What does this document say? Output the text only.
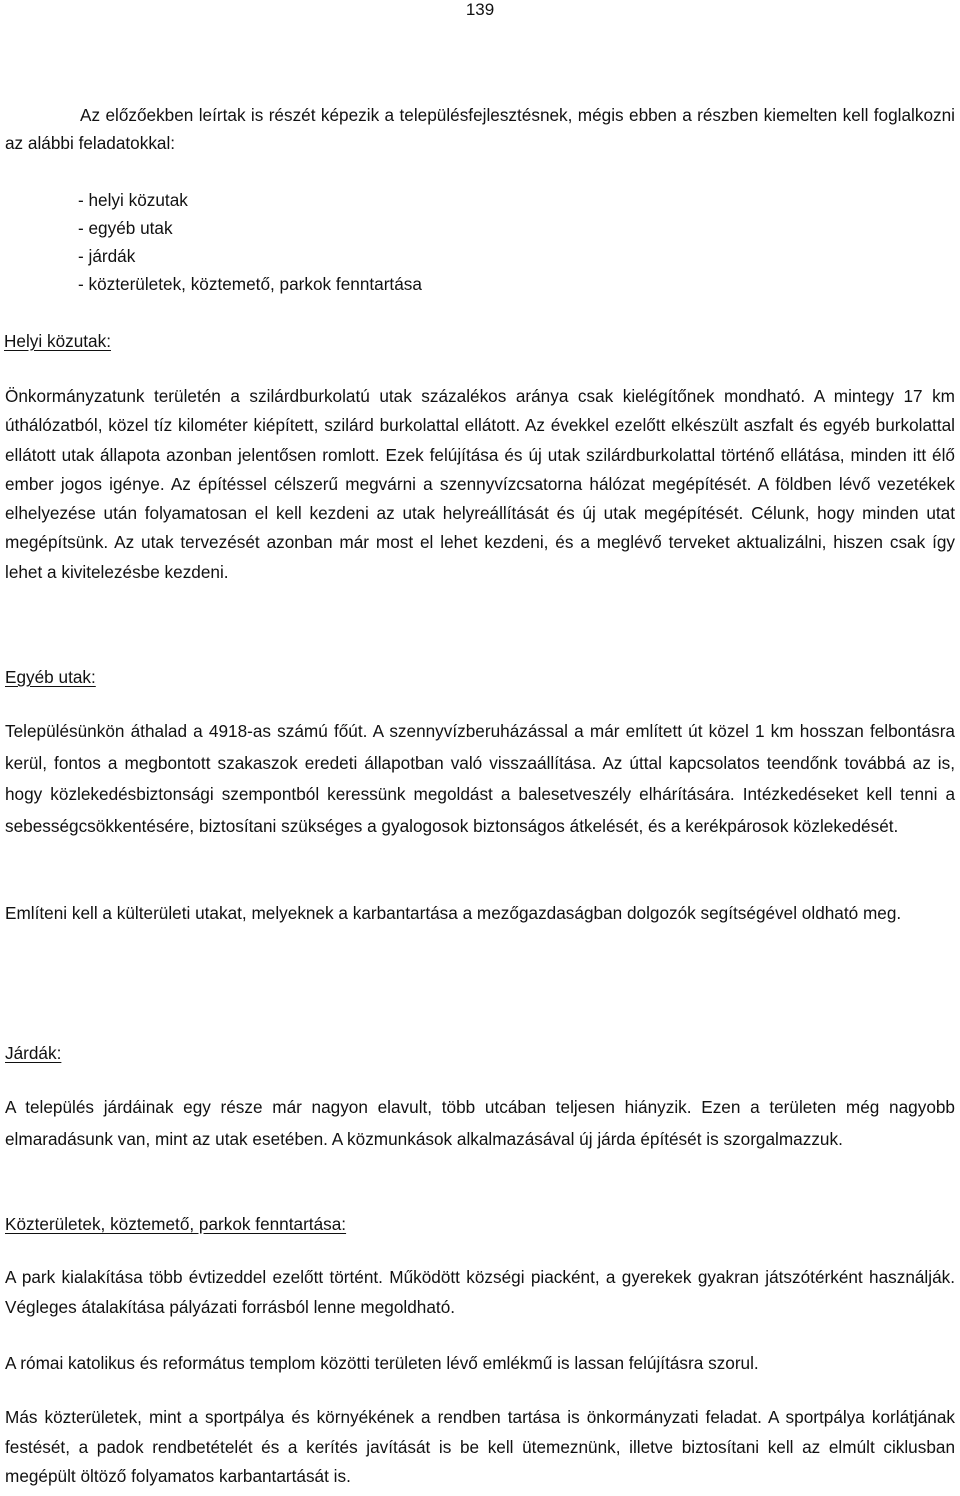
139

Az előzőekben leírtak is részét képezik a településfejlesztésnek, mégis ebben a részben kiemelten kell foglalkozni az alábbi feladatokkal:

- helyi közutak
- egyéb utak
- járdák
- közterületek, köztemető, parkok fenntartása
Helyi közutak:

Önkormányzatunk területén a szilárdburkolatú utak százalékos aránya csak kielégítőnek mondható. A mintegy 17 km úthálózatból, közel tíz kilométer kiépített, szilárd burkolattal ellátott. Az évekkel ezelőtt elkészült aszfalt és egyéb burkolattal ellátott utak állapota azonban jelentősen romlott. Ezek felújítása és új utak szilárdburkolattal történő ellátása, minden itt élő ember jogos igénye. Az építéssel célszerű megvárni a szennyvízcsatorna hálózat megépítését. A földben lévő vezetékek elhelyezése után folyamatosan el kell kezdeni az utak helyreállítását és új utak megépítését. Célunk, hogy minden utat megépítsünk. Az utak tervezését azonban már most el lehet kezdeni, és a meglévő terveket aktualizálni, hiszen csak így lehet a kivitelezésbe kezdeni.

Egyéb utak:

Településünkön áthalad a 4918-as számú főút. A szennyvízberuházással a már említett út közel 1 km hosszan felbontásra kerül, fontos a megbontott szakaszok eredeti állapotban való visszaállítása. Az úttal kapcsolatos teendőnk továbbá az is, hogy közlekedésbiztonsági szempontból keressünk megoldást a balesetveszély elhárítására. Intézkedéseket kell tenni a sebességcsökkentésére, biztosítani szükséges a gyalogosok biztonságos átkelését, és a kerékpárosok közlekedését.

Említeni kell a külterületi utakat, melyeknek a karbantartása a mezőgazdaságban dolgozók segítségével oldható meg.

Járdák:

A település járdáinak egy része már nagyon elavult, több utcában teljesen hiányzik. Ezen a területen még nagyobb elmaradásunk van, mint az utak esetében. A közmunkások alkalmazásával új járda építését is szorgalmazzuk.

Közterületek, köztemető, parkok fenntartása:

A park kialakítása több évtizeddel ezelőtt történt. Működött községi piacként, a gyerekek gyakran játszótérként használják. Végleges átalakítása pályázati forrásból lenne megoldható.

A római katolikus és református templom közötti területen lévő emlékmű is lassan felújításra szorul.

Más közterületek, mint a sportpálya és környékének a rendben tartása is önkormányzati feladat. A sportpálya korlátjának festését, a padok rendbetételét és a kerítés javítását is be kell ütemeznünk, illetve biztosítani kell az elmúlt ciklusban megépült öltöző folyamatos karbantartását is.
